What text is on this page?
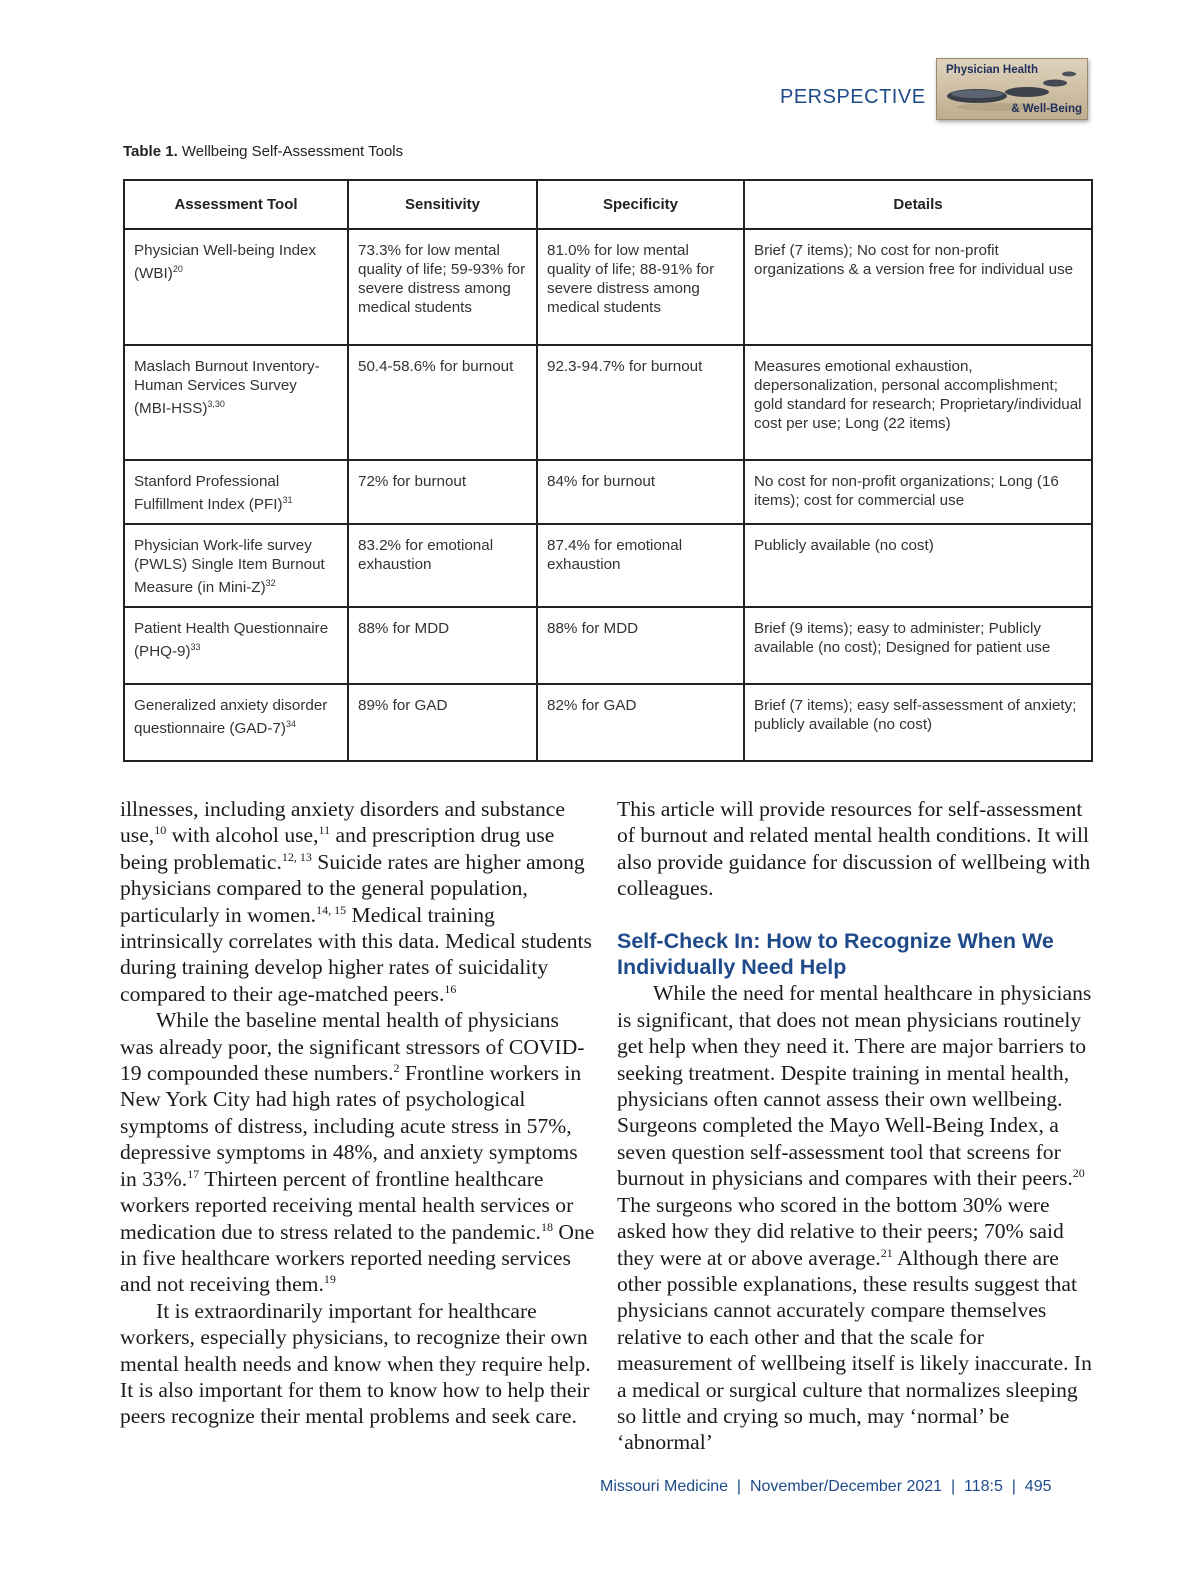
PERSPECTIVE
Physician Health
& Well-Being
Table 1. Wellbeing Self-Assessment Tools
Assessment Tool	Sensitivity	Specificity	Details
Physician Well-being Index (WBI)$^{20}$	73.3% for low mental quality of life; 59-93% for severe distress among medical students	81.0% for low mental quality of life; 88-91% for severe distress among medical students	Brief (7 items); No cost for non-profit organizations & a version free for individual use
Maslach Burnout Inventory-Human Services Survey $(MBI-HSS)^{3,30}$	50.4-58.6% for burnout	92.3-94.7% for burnout	Measures emotional exhaustion, depersonalization, personal accomplishment; gold standard for research; Proprietary/individual cost per use; Long (22 items)
Stanford Professional Fulfillment Index (PFI)$^{31}$	72% for burnout	84% for burnout	No cost for non-profit organizations; Long (16 items); cost for commercial use
Physician Work-life survey (PWLS) Single Item Burnout Measure (in Mini-Z)$^{32}$	83.2% for emotional exhaustion	87.4% for emotional exhaustion	Publicly available (no cost)
Patient Health Questionnaire $(PHQ-9)^{33}$	88% for MDD	88% for MDD	Brief (9 items); easy to administer; Publicly available (no cost); Designed for patient use
Generalized anxiety disorder questionnaire $(GAD-7)^{34}$	89% for GAD	82% for GAD	Brief (7 items); easy self-assessment of anxiety; publicly available (no cost)

illnesses, including anxiety disorders and substance use,$^{10}$ with alcohol use,$^{11}$ and prescription drug use being problematic.$^{12, 13}$ Suicide rates are higher among physicians compared to the general population, particularly in women.$^{14, 15}$ Medical training intrinsically correlates with this data. Medical students during training develop higher rates of suicidality compared to their age-matched peers.$^{16}$

While the baseline mental health of physicians was already poor, the significant stressors of COVID-19 compounded these numbers.$^2$ Frontline workers in New York City had high rates of psychological symptoms of distress, including acute stress in 57%, depressive symptoms in 48%, and anxiety symptoms in 33%.$^{17}$ Thirteen percent of frontline healthcare workers reported receiving mental health services or medication due to stress related to the pandemic.$^{18}$ One in five healthcare workers reported needing services and not receiving them.$^{19}$

It is extraordinarily important for healthcare workers, especially physicians, to recognize their own mental health needs and know when they require help. It is also important for them to know how to help their peers recognize their mental problems and seek care.

This article will provide resources for self-assessment of burnout and related mental health conditions. It will also provide guidance for discussion of wellbeing with colleagues.

Self-Check In: How to Recognize When We Individually Need Help

While the need for mental healthcare in physicians is significant, that does not mean physicians routinely get help when they need it. There are major barriers to seeking treatment. Despite training in mental health, physicians often cannot assess their own wellbeing. Surgeons completed the Mayo Well-Being Index, a seven question self-assessment tool that screens for burnout in physicians and compares with their peers.$^{20}$ The surgeons who scored in the bottom 30% were asked how they did relative to their peers; 70% said they were at or above average.$^{21}$ Although there are other possible explanations, these results suggest that physicians cannot accurately compare themselves relative to each other and that the scale for measurement of wellbeing itself is likely inaccurate. In a medical or surgical culture that normalizes sleeping so little and crying so much, may ‘normal’ be ‘abnormal’

Missouri Medicine  |  November/December 2021  |  118:5  |  495
